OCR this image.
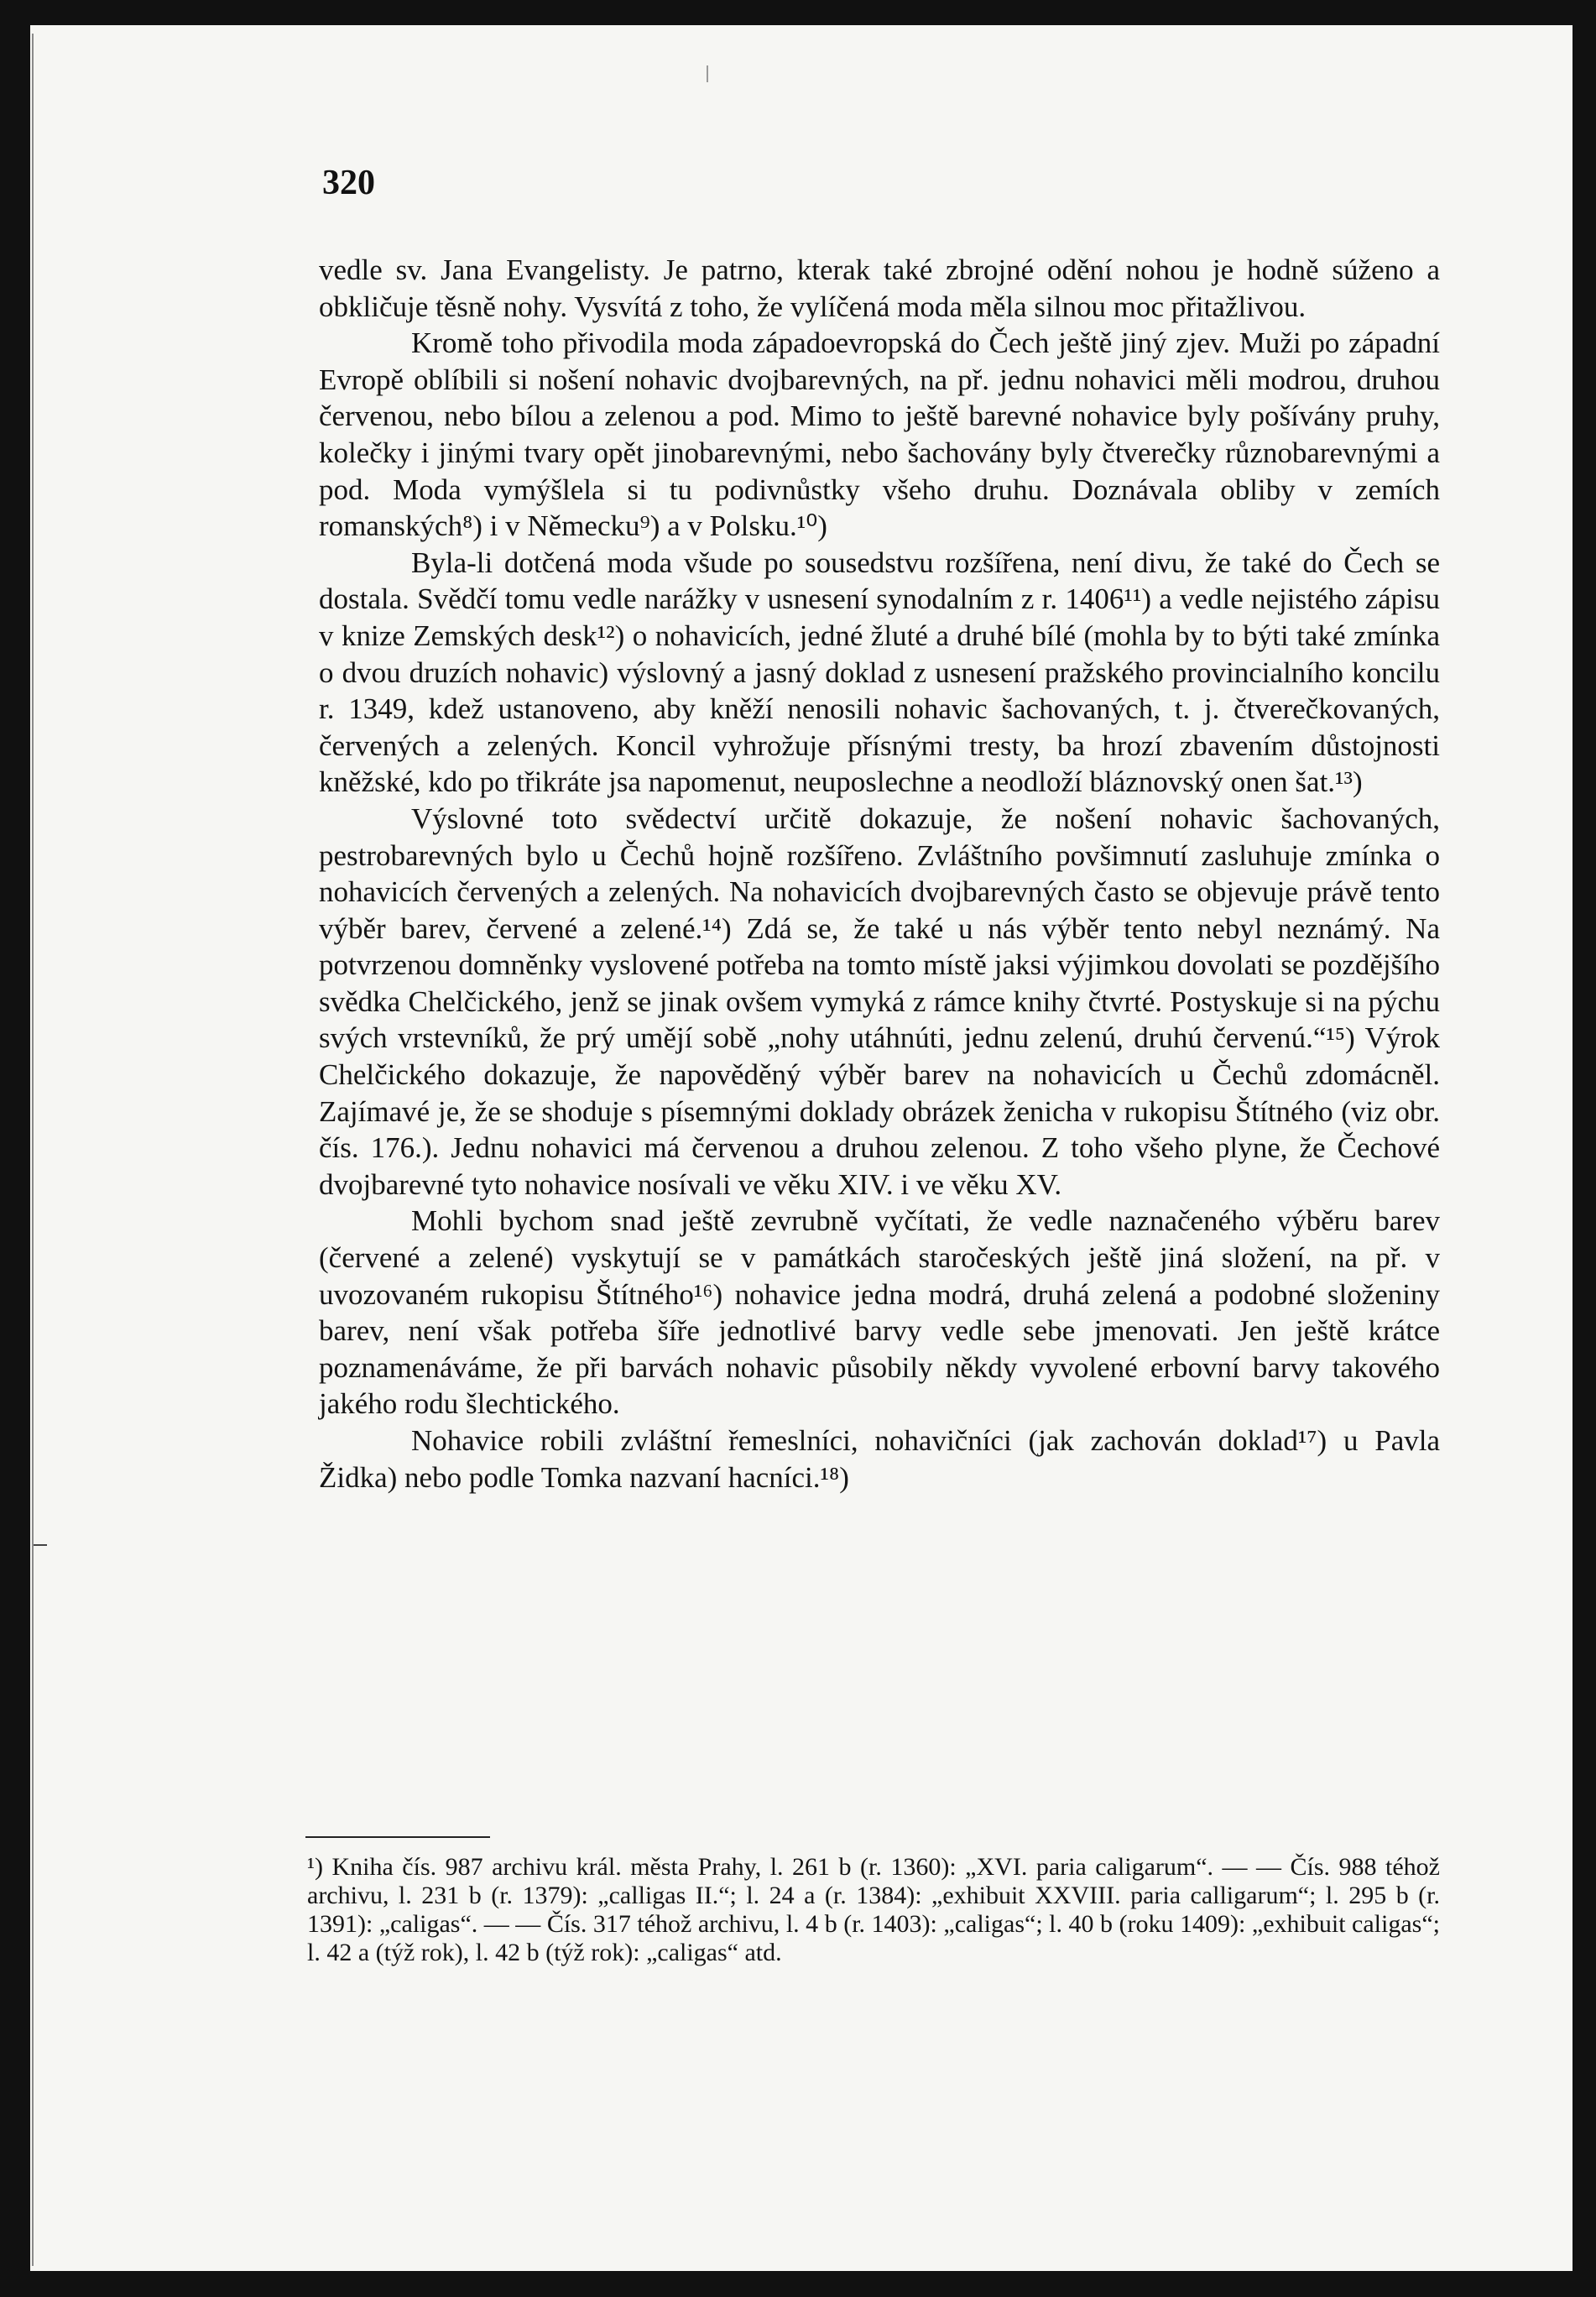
320

vedle sv. Jana Evangelisty. Je patrno, kterak také zbrojné odění nohou je hodně súženo a obkličuje těsně nohy. Vysvítá z toho, že vylíčená moda měla silnou moc přitažlivou.

Kromě toho přivodila moda západoevropská do Čech ještě jiný zjev. Muži po západní Evropě oblíbili si nošení nohavic dvojbarevných, na př. jednu nohavici měli modrou, druhou červenou, nebo bílou a zelenou a pod. Mimo to ještě barevné nohavice byly pošívány pruhy, kolečky i jinými tvary opět jinobarevnými, nebo šachovány byly čtverečky různobarevnými a pod. Moda vymýšlela si tu podivnůstky všeho druhu. Doznávala obliby v zemích romanských⁸) i v Německu⁹) a v Polsku.¹⁰)

Byla-li dotčená moda všude po sousedstvu rozšířena, není divu, že také do Čech se dostala. Svědčí tomu vedle narážky v usnesení synodalním z r. 1406¹¹) a vedle nejistého zápisu v knize Zemských desk¹²) o nohavicích, jedné žluté a druhé bílé (mohla by to býti také zmínka o dvou druzích nohavic) výslovný a jasný doklad z usnesení pražského provincialního koncilu r. 1349, kdež ustanoveno, aby kněží nenosili nohavic šachovaných, t. j. čtverečkovaných, červených a zelených. Koncil vyhrožuje přísnými tresty, ba hrozí zbavením důstojnosti kněžské, kdo po třikráte jsa napomenut, neuposlechne a neodloží bláznovský onen šat.¹³)

Výslovné toto svědectví určitě dokazuje, že nošení nohavic šachovaných, pestrobarevných bylo u Čechů hojně rozšířeno. Zvláštního povšimnutí zasluhuje zmínka o nohavicích červených a zelených. Na nohavicích dvojbarevných často se objevuje právě tento výběr barev, červené a zelené.¹⁴) Zdá se, že také u nás výběr tento nebyl neznámý. Na potvrzenou domněnky vyslovené potřeba na tomto místě jaksi výjimkou dovolati se pozdějšího svědka Chelčického, jenž se jinak ovšem vymyká z rámce knihy čtvrté. Postyskuje si na pýchu svých vrstevníků, že prý umějí sobě „nohy utáhnúti, jednu zelenú, druhú červenú.“¹⁵) Výrok Chelčického dokazuje, že napověděný výběr barev na nohavicích u Čechů zdomácněl. Zajímavé je, že se shoduje s písemnými doklady obrázek ženicha v rukopisu Štítného (viz obr. čís. 176.). Jednu nohavici má červenou a druhou zelenou. Z toho všeho plyne, že Čechové dvojbarevné tyto nohavice nosívali ve věku XIV. i ve věku XV.

Mohli bychom snad ještě zevrubně vyčítati, že vedle naznačeného výběru barev (červené a zelené) vyskytují se v památkách staročeských ještě jiná složení, na př. v uvozovaném rukopisu Štítného¹⁶) nohavice jedna modrá, druhá zelená a podobné složeniny barev, není však potřeba šíře jednotlivé barvy vedle sebe jmenovati. Jen ještě krátce poznamenáváme, že při barvách nohavic působily někdy vyvolené erbovní barvy takového jakého rodu šlechtického.

Nohavice robili zvláštní řemeslníci, nohavičníci (jak zachován doklad¹⁷) u Pavla Židka) nebo podle Tomka nazvaní hacníci.¹⁸)

¹) Kniha čís. 987 archivu král. města Prahy, l. 261 b (r. 1360): „XVI. paria caligarum“. — — Čís. 988 téhož archivu, l. 231 b (r. 1379): „calligas II.“; l. 24 a (r. 1384): „exhibuit XXVIII. paria calligarum“; l. 295 b (r. 1391): „caligas“. — — Čís. 317 téhož archivu, l. 4 b (r. 1403): „caligas“; l. 40 b (roku 1409): „exhibuit caligas“; l. 42 a (týž rok), l. 42 b (týž rok): „caligas“ atd.
